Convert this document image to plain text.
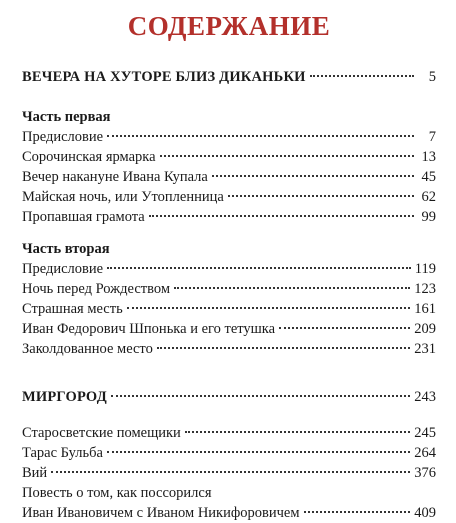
СОДЕРЖАНИЕ
ВЕЧЕРА НА ХУТОРЕ БЛИЗ ДИКАНЬКИ	5
Часть первая
Предисловие	7
Сорочинская ярмарка	13
Вечер накануне Ивана Купала	45
Майская ночь, или Утопленница	62
Пропавшая грамота	99
Часть вторая
Предисловие	119
Ночь перед Рождеством	123
Страшная месть	161
Иван Федорович Шпонька и его тетушка	209
Заколдованное место	231
МИРГОРОД	243
Старосветские помещики	245
Тарас Бульба	264
Вий	376
Повесть о том, как поссорился
Иван Ивановичем с Иваном Никифоровичем	409
